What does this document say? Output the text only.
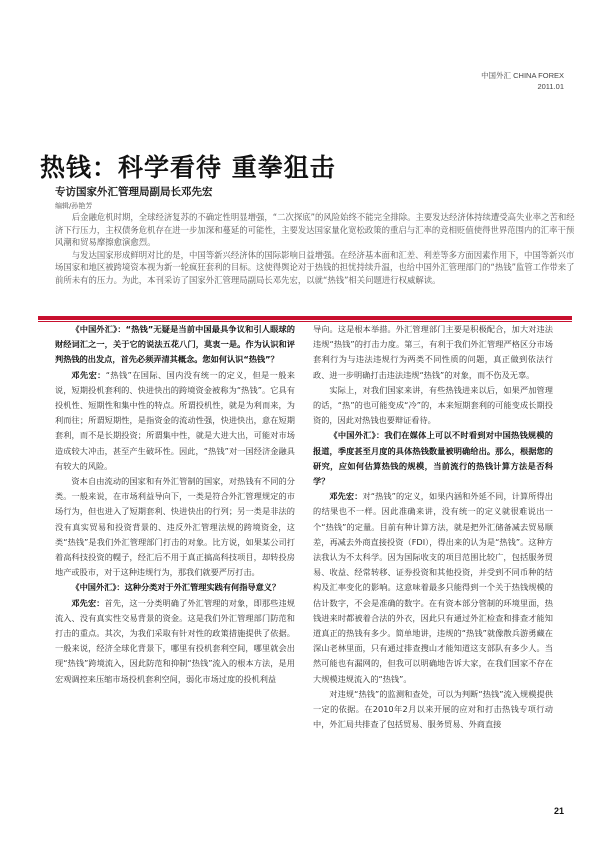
中国外汇 CHINA FOREX
2011.01
热钱：科学看待 重拳狙击
专访国家外汇管理局副局长邓先宏
编辑/孙艳芳

后金融危机时期，全球经济复苏的不确定性明显增强，“二次探底”的风险始终不能完全排除。主要发达经济体持续遭受高失业率之苦和经济下行压力，主权债务危机存在进一步加深和蔓延的可能性，主要发达国家量化宽松政策的重启与汇率的竞相贬值使得世界范围内的汇率干预风潮和贸易摩擦愈演愈烈。

与发达国家形成鲜明对比的是，中国等新兴经济体的国际影响日益增强。在经济基本面和汇差、利差等多方面因素作用下，中国等新兴市场国家和地区被跨境资本视为新一轮疯狂套利的目标。这使得舆论对于热钱的担忧持续升温，也给中国外汇管理部门的“热钱”监管工作带来了前所未有的压力。为此，本刊采访了国家外汇管理局副局长邓先宏，以就“热钱”相关问题进行权威解读。

《中国外汇》：“热钱”无疑是当前中国最具争议和引人眼球的财经词汇之一，关于它的说法五花八门，莫衷一是。作为认识和评判热钱的出发点，首先必须弄清其概念。您如何认识“热钱”？

邓先宏：“热钱”在国际、国内没有统一的定义，但是一般来说，短期投机套利的、快进快出的跨境资金被称为“热钱”。它具有投机性、短期性和集中性的特点。所谓投机性，就是为利而来，为利而往；所谓短期性，是指资金的流动性强，快进快出，意在短期套利，而不是长期投资；所谓集中性，就是大进大出，可能对市场造成较大冲击，甚至产生破坏性。因此，“热钱”对一国经济金融具有较大的风险。

资本自由流动的国家和有外汇管制的国家，对热钱有不同的分类。一般来说，在市场利益导向下，一类是符合外汇管理规定的市场行为，但也进入了短期套利、快进快出的行列；另一类是非法的没有真实贸易和投资背景的、违反外汇管理法规的跨境资金，这类“热钱”是我们外汇管理部门打击的对象。比方说，如果某公司打着高科技投资的幌子，经汇后不用于真正搞高科技项目，却转投房地产或股市，对于这种违规行为，那我们就要严厉打击。

《中国外汇》：这种分类对于外汇管理实践有何指导意义？

邓先宏：首先，这一分类明确了外汇管理的对象，即那些违规流入、没有真实性交易背景的资金。这是我们外汇管理部门防范和打击的重点。其次，为我们采取有针对性的政策措施提供了依据。一般来说，经济全球化背景下，哪里有投机套利空间，哪里就会出现“热钱”跨境流入，因此防范和抑制“热钱”流入的根本方法，是用宏观调控来压缩市场投机套利空间，弱化市场过度的投机利益

导向。这是根本举措。外汇管理部门主要是积极配合，加大对违法违规“热钱”的打击力度。第三，有利于我们外汇管理严格区分市场套利行为与违法违规行为两类不同性质的问题，真正做到依法行政、进一步明确打击违法违规“热钱”的对象，而不伤及无辜。

实际上，对我们国家来讲，有些热钱进来以后，如果严加管理的话，“热”的也可能变成“冷”的，本来短期套利的可能变成长期投资的，因此对热钱也要辩证看待。

《中国外汇》：我们在媒体上可以不时看到对中国热钱规模的报道，季度甚至月度的具体热钱数量被明确给出。那么，根据您的研究，应如何估算热钱的规模，当前流行的热钱计算方法是否科学？

邓先宏：对“热钱”的定义，如果内涵和外延不同，计算所得出的结果也不一样。因此准确来讲，没有统一的定义就很难说出一个“热钱”的定量。目前有种计算方法，就是把外汇储备减去贸易顺差，再减去外商直接投资（FDI），得出来的认为是“热钱”。这种方法我认为不太科学。因为国际收支的项目范围比较广，包括服务贸易、收益、经常转移、证券投资和其他投资，并受到不同币种的结构及汇率变化的影响。这意味着最多只能得到一个关于热钱规模的估计数字，不会是准确的数字。在有资本部分管制的环境里面，热钱进来时都被着合法的外衣，因此只有通过外汇检查和排查才能知道真正的热钱有多少。简单地讲，违规的“热钱”就像散兵游勇藏在深山老林里面，只有通过排查搜山才能知道这支部队有多少人。当然可能也有漏网的，但我可以明确地告诉大家，在我们国家不存在大规模违规流入的“热钱”。

对违规“热钱”的监测和查处，可以为判断“热钱”流入规模提供一定的依据。在2010年2月以来开展的应对和打击热钱专项行动中，外汇局共排查了包括贸易、服务贸易、外商直接

21
